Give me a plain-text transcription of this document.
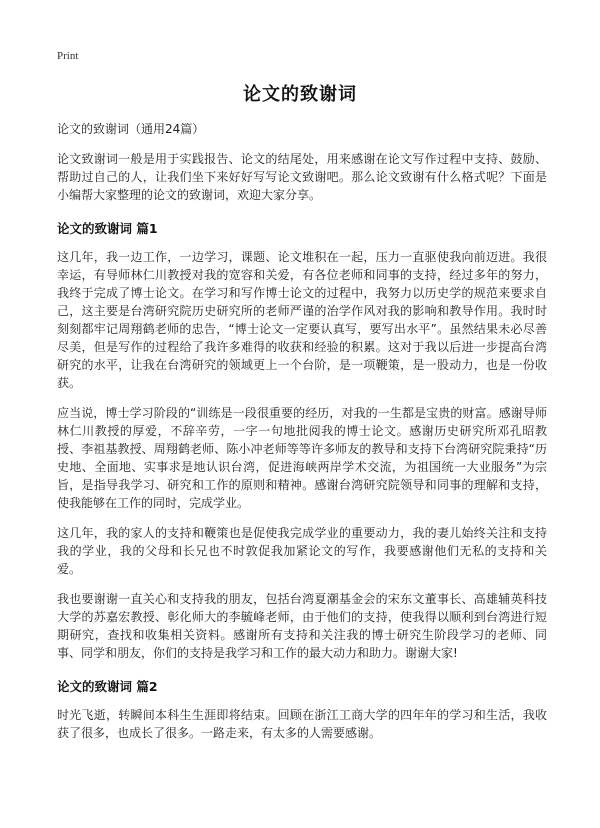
Print
论文的致谢词

论文的致谢词（通用24篇）

论文致谢词一般是用于实践报告、论文的结尾处，用来感谢在论文写作过程中支持、鼓励、帮助过自己的人，让我们坐下来好好写写论文致谢吧。那么论文致谢有什么格式呢？下面是小编帮大家整理的论文的致谢词，欢迎大家分享。

论文的致谢词 篇1

这几年，我一边工作，一边学习，课题、论文堆积在一起，压力一直驱使我向前迈进。我很幸运，有导师林仁川教授对我的宽容和关爱，有各位老师和同事的支持，经过多年的努力，我终于完成了博士论文。在学习和写作博士论文的过程中，我努力以历史学的规范来要求自己，这主要是台湾研究院历史研究所的老师严谨的治学作风对我的影响和教导作用。我时时刻刻都牢记周翔鹤老师的忠告，“博士论文一定要认真写，要写出水平”。虽然结果未必尽善尽美，但是写作的过程给了我许多难得的收获和经验的积累。这对于我以后进一步提高台湾研究的水平，让我在台湾研究的领域更上一个台阶，是一项鞭策，是一股动力，也是一份收获。

应当说，博士学习阶段的“训练是一段很重要的经历，对我的一生都是宝贵的财富。感谢导师林仁川教授的厚爱，不辞辛劳，一字一句地批阅我的博士论文。感谢历史研究所邓孔昭教授、李祖基教授、周翔鹤老师、陈小冲老师等等许多师友的教导和支持下台湾研究院秉持“历史地、全面地、实事求是地认识台湾，促进海峡两岸学术交流，为祖国统一大业服务”为宗旨，是指导我学习、研究和工作的原则和精神。感谢台湾研究院领导和同事的理解和支持，使我能够在工作的同时，完成学业。

这几年，我的家人的支持和鞭策也是促使我完成学业的重要动力，我的妻儿始终关注和支持我的学业，我的父母和长兄也不时敦促我加紧论文的写作，我要感谢他们无私的支持和关爱。

我也要谢谢一直关心和支持我的朋友，包括台湾夏潮基金会的宋东文董事长、高雄辅英科技大学的苏嘉宏教授、彰化师大的李毓峰老师，由于他们的支持，使我得以顺利到台湾进行短期研究，查找和收集相关资料。感谢所有支持和关注我的博士研究生阶段学习的老师、同事、同学和朋友，你们的支持是我学习和工作的最大动力和助力。谢谢大家!

论文的致谢词 篇2

时光飞逝，转瞬间本科生生涯即将结束。回顾在浙江工商大学的四年年的学习和生活，我收获了很多，也成长了很多。一路走来，有太多的人需要感谢。
